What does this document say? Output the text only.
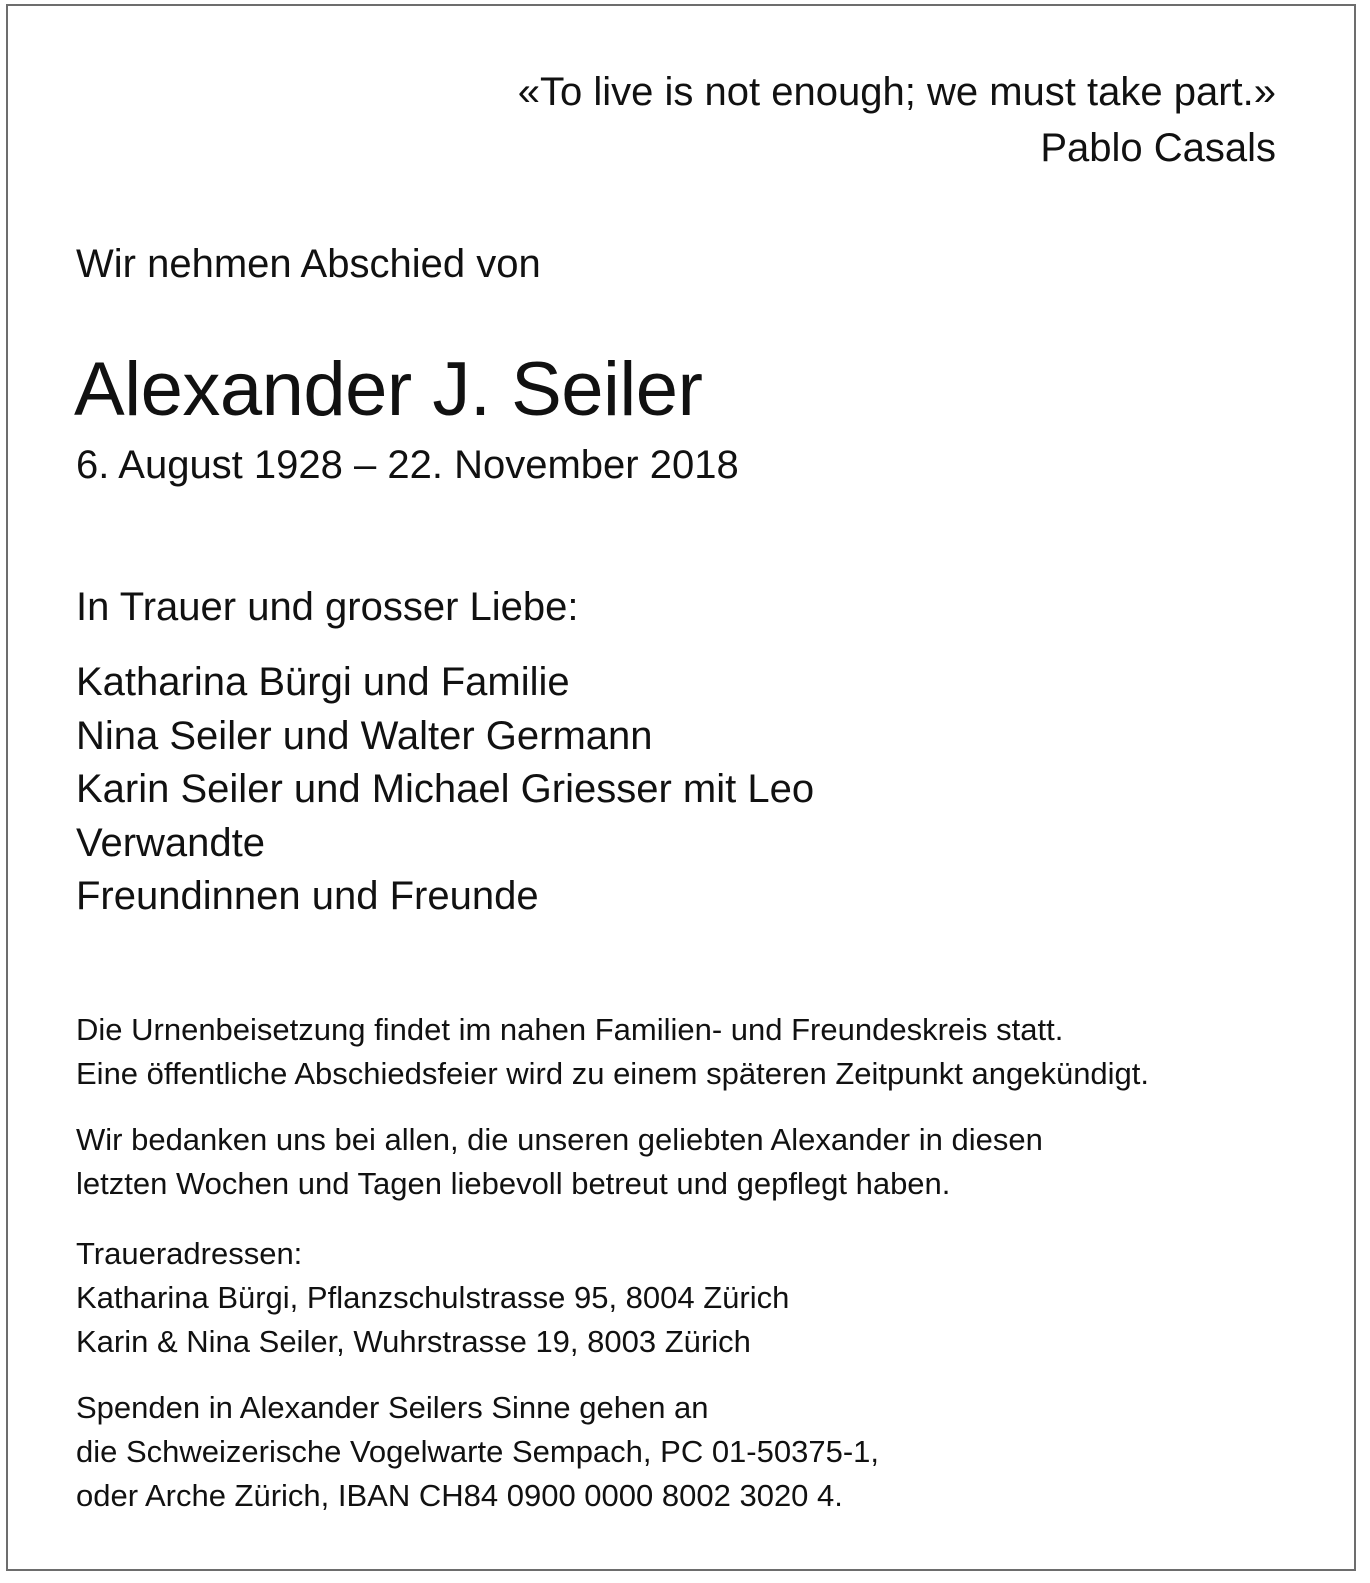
«To live is not enough; we must take part.»
Pablo Casals
Wir nehmen Abschied von
Alexander J. Seiler
6. August 1928 – 22. November 2018
In Trauer und grosser Liebe:
Katharina Bürgi und Familie
Nina Seiler und Walter Germann
Karin Seiler und Michael Griesser mit Leo
Verwandte
Freundinnen und Freunde
Die Urnenbeisetzung findet im nahen Familien- und Freundeskreis statt.
Eine öffentliche Abschiedsfeier wird zu einem späteren Zeitpunkt angekündigt.
Wir bedanken uns bei allen, die unseren geliebten Alexander in diesen
letzten Wochen und Tagen liebevoll betreut und gepflegt haben.
Traueradressen:
Katharina Bürgi, Pflanzschulstrasse 95, 8004 Zürich
Karin & Nina Seiler, Wuhrstrasse 19, 8003 Zürich
Spenden in Alexander Seilers Sinne gehen an
die Schweizerische Vogelwarte Sempach, PC 01-50375-1,
oder Arche Zürich, IBAN CH84 0900 0000 8002 3020 4.
